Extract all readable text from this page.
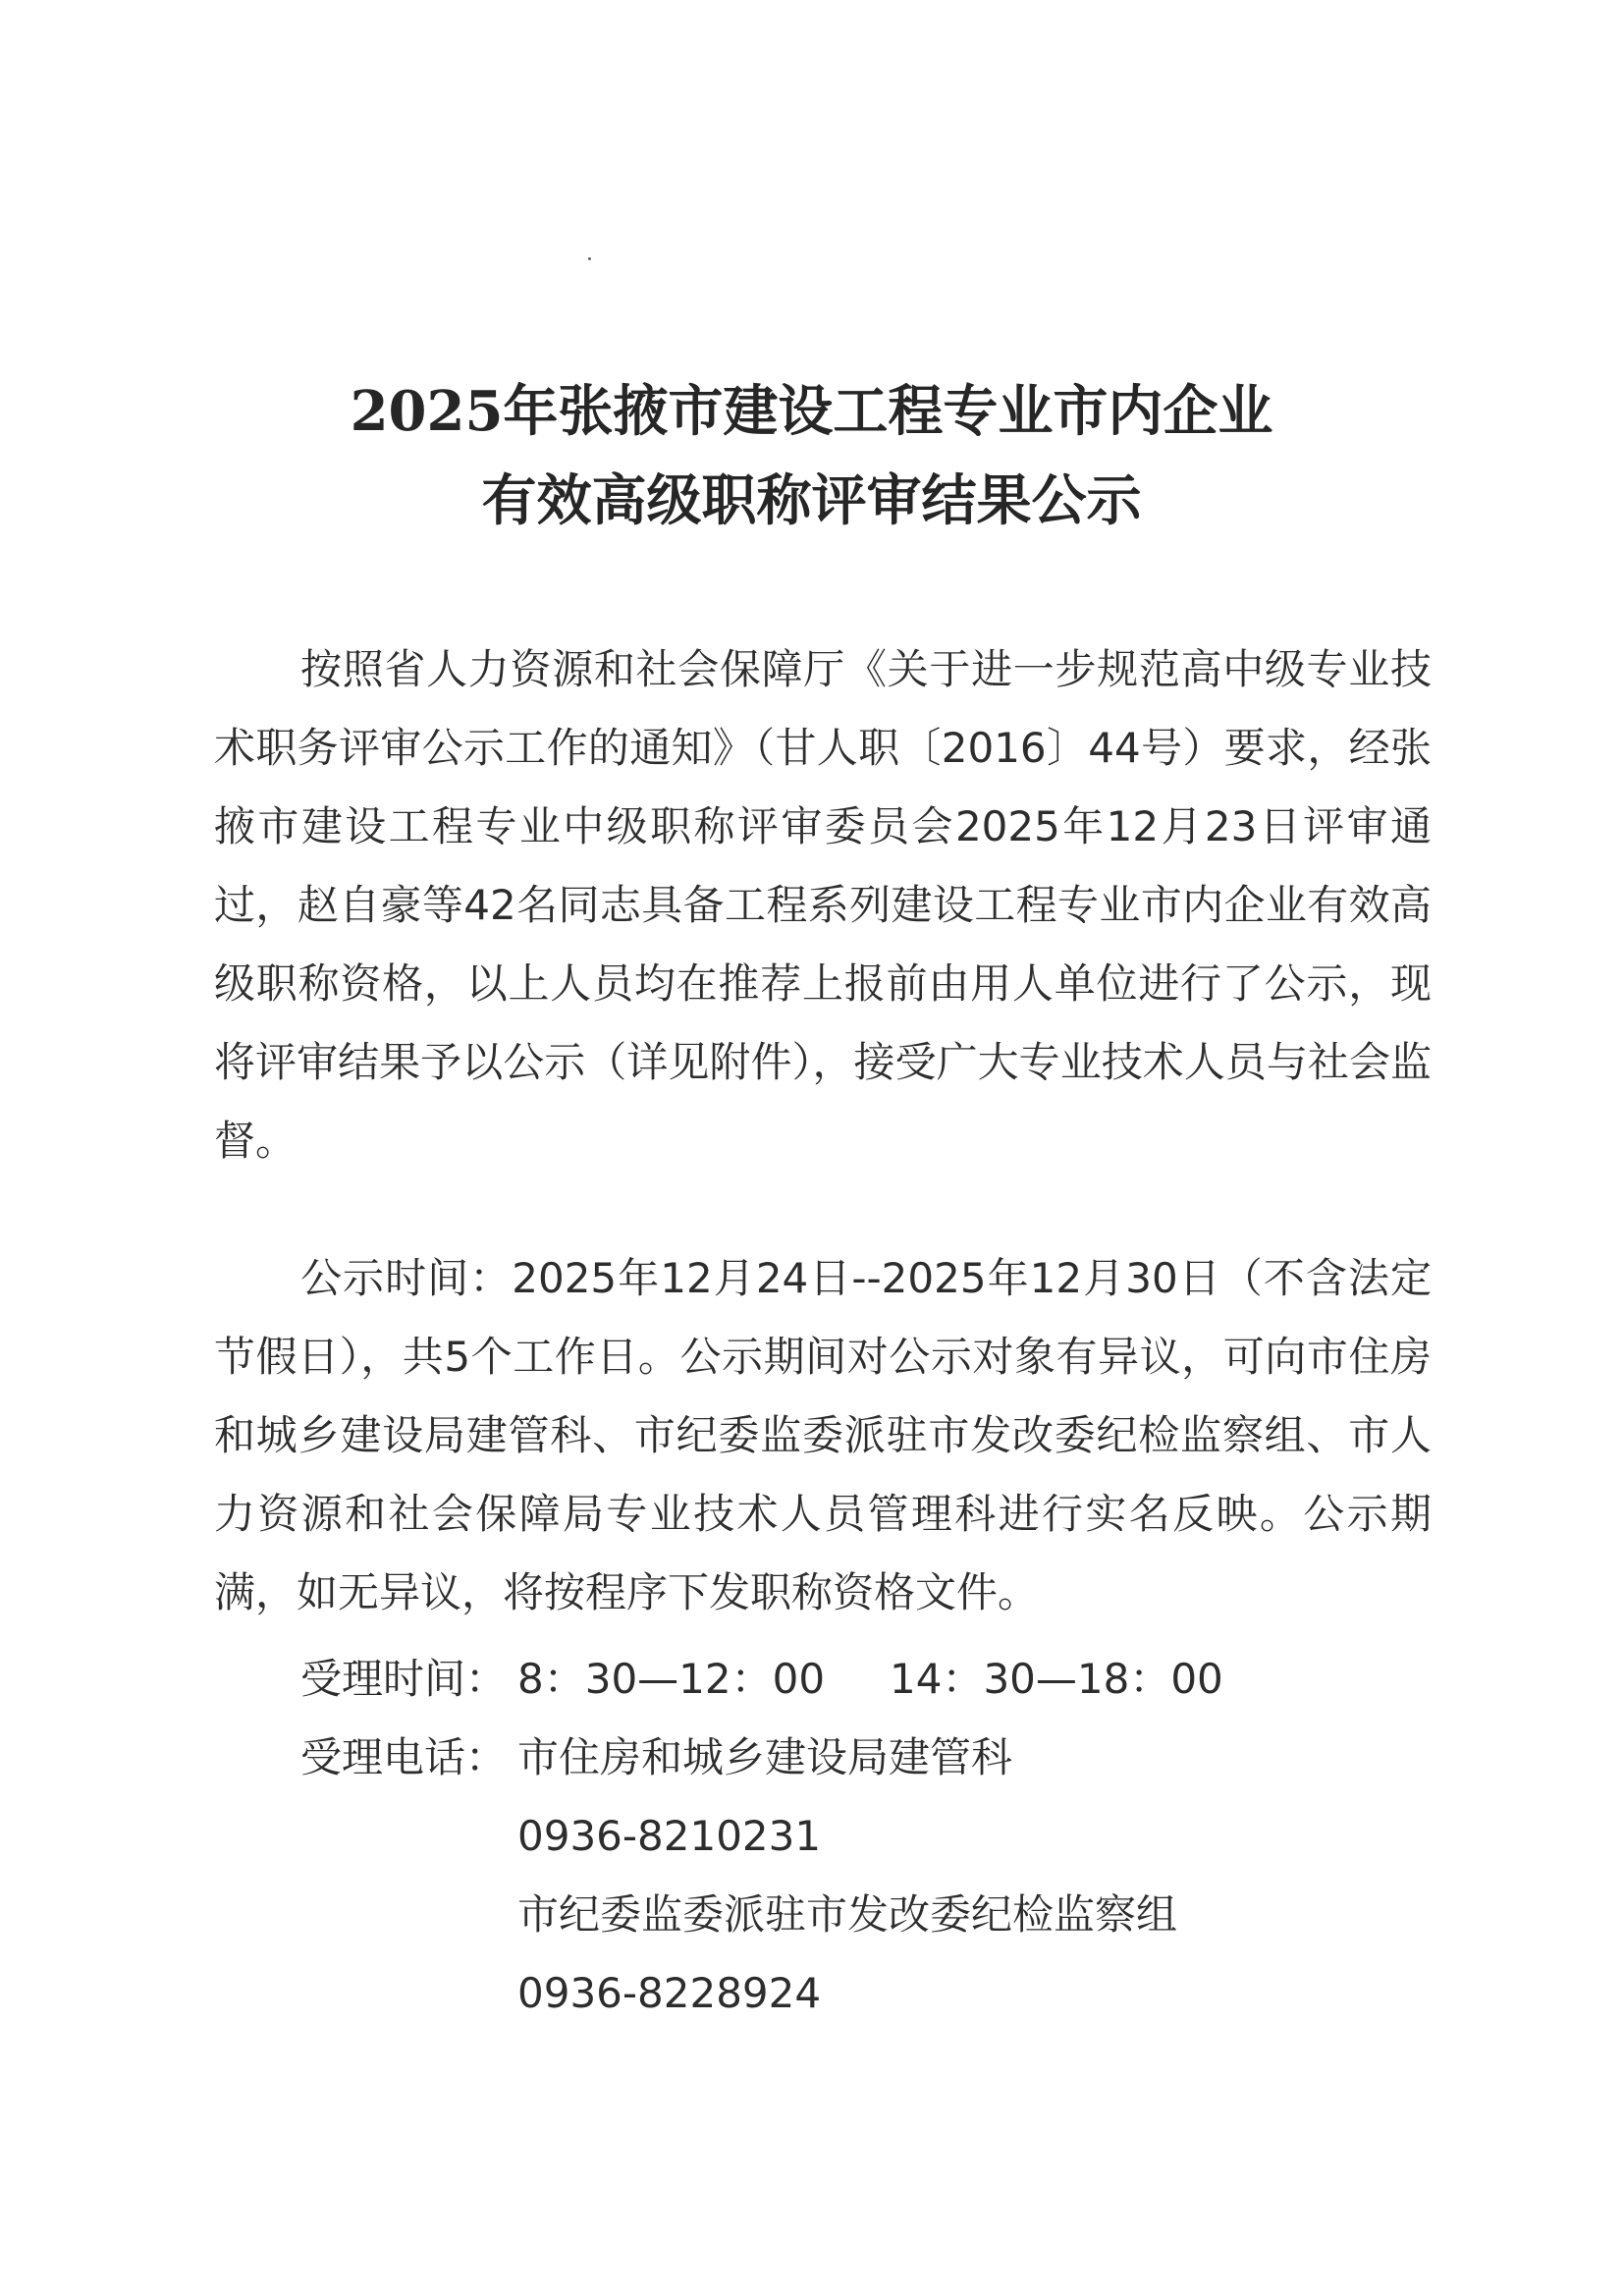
2025年张掖市建设工程专业市内企业
有效高级职称评审结果公示

按照省人力资源和社会保障厅《关于进一步规范高中级专业技术职务评审公示工作的通知》（甘人职〔2016〕44号）要求，经张掖市建设工程专业中级职称评审委员会2025年12月23日评审通过，赵自豪等42名同志具备工程系列建设工程专业市内企业有效高级职称资格，以上人员均在推荐上报前由用人单位进行了公示，现将评审结果予以公示（详见附件），接受广大专业技术人员与社会监督。

公示时间：2025年12月24日--2025年12月30日（不含法定节假日），共5个工作日。公示期间对公示对象有异议，可向市住房和城乡建设局建管科、市纪委监委派驻市发改委纪检监察组、市人力资源和社会保障局专业技术人员管理科进行实名反映。公示期满，如无异议，将按程序下发职称资格文件。

受理时间： 8：30—12：00 14：30—18：00
受理电话： 市住房和城乡建设局建管科
0936-8210231
市纪委监委派驻市发改委纪检监察组
0936-8228924
